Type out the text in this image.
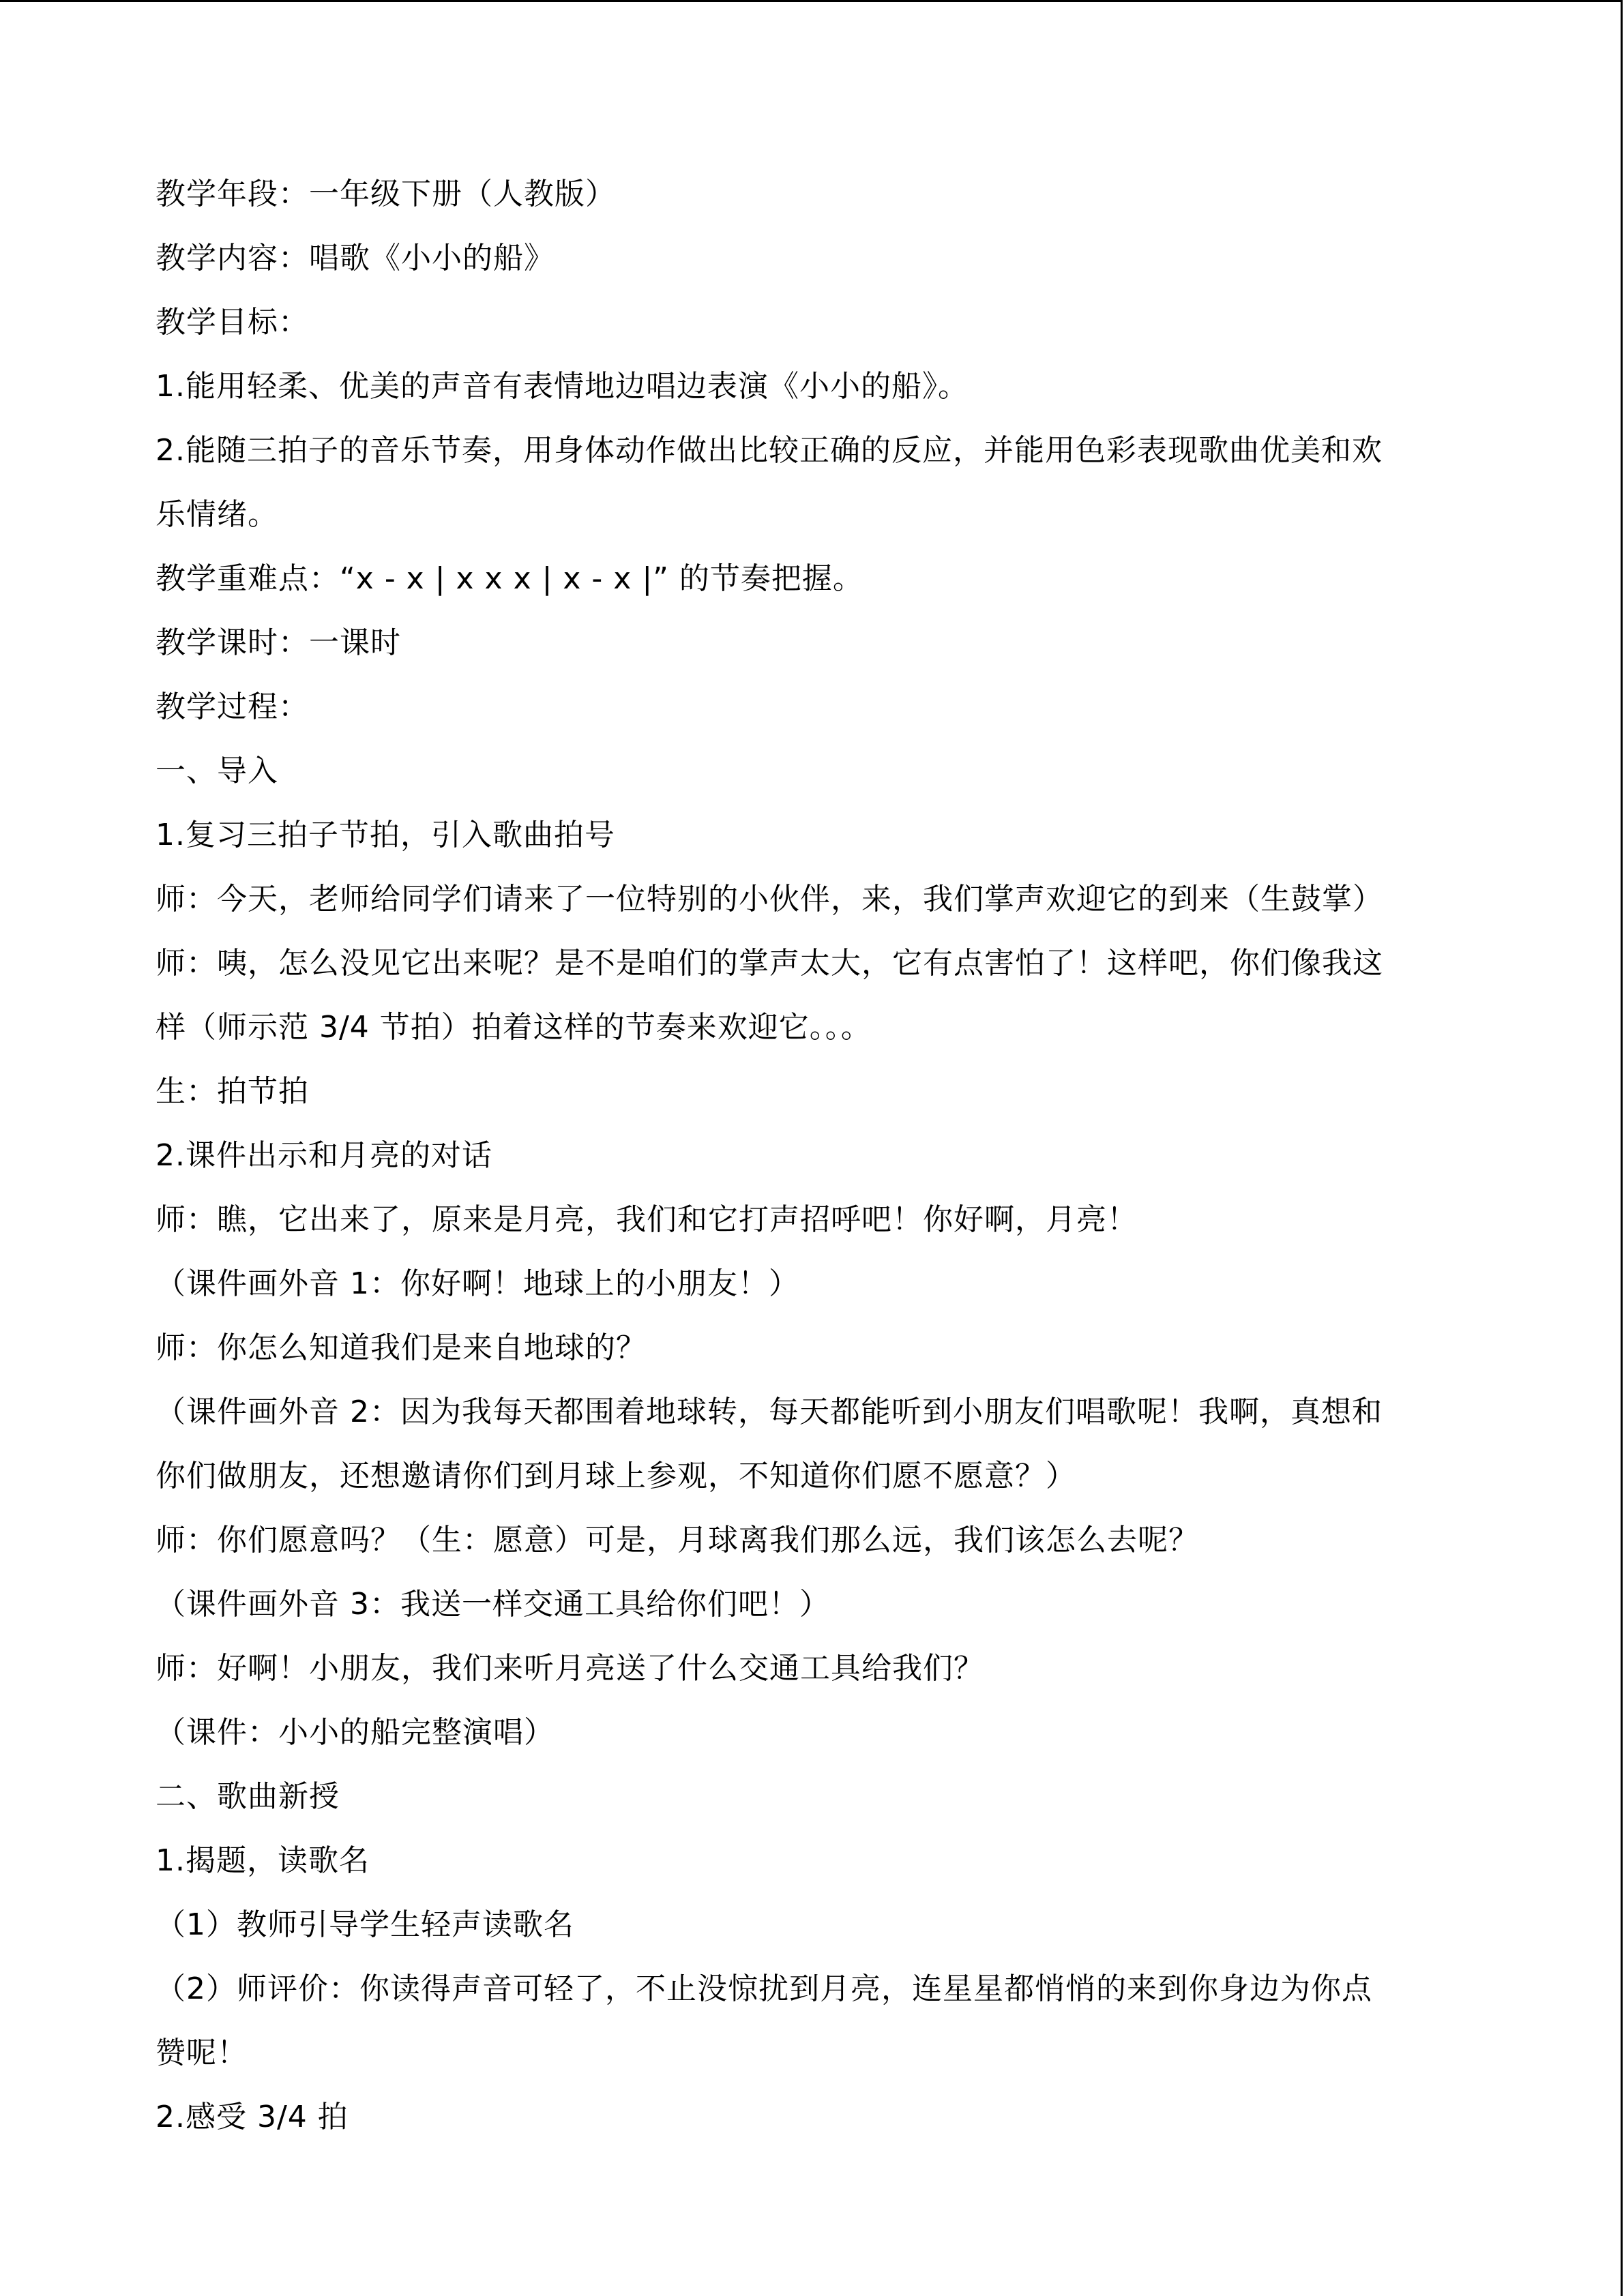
教学年段：一年级下册（人教版）
教学内容：唱歌《小小的船》
教学目标：
1.能用轻柔、优美的声音有表情地边唱边表演《小小的船》。
2.能随三拍子的音乐节奏，用身体动作做出比较正确的反应，并能用色彩表现歌曲优美和欢
乐情绪。
教学重难点：“x - x | x x x | x - x |” 的节奏把握。
教学课时：一课时
教学过程：
一、导入
1.复习三拍子节拍，引入歌曲拍号
师：今天，老师给同学们请来了一位特别的小伙伴，来，我们掌声欢迎它的到来（生鼓掌）
师：咦，怎么没见它出来呢？是不是咱们的掌声太大，它有点害怕了！这样吧，你们像我这
样（师示范 3/4 节拍）拍着这样的节奏来欢迎它。。。
生：拍节拍
2.课件出示和月亮的对话
师：瞧，它出来了，原来是月亮，我们和它打声招呼吧！你好啊，月亮！
（课件画外音 1：你好啊！地球上的小朋友！）
师：你怎么知道我们是来自地球的？
（课件画外音 2：因为我每天都围着地球转，每天都能听到小朋友们唱歌呢！我啊，真想和
你们做朋友，还想邀请你们到月球上参观，不知道你们愿不愿意？）
师：你们愿意吗？（生：愿意）可是，月球离我们那么远，我们该怎么去呢？
（课件画外音 3：我送一样交通工具给你们吧！）
师：好啊！小朋友，我们来听月亮送了什么交通工具给我们？
（课件：小小的船完整演唱）
二、歌曲新授
1.揭题，读歌名
（1）教师引导学生轻声读歌名
（2）师评价：你读得声音可轻了，不止没惊扰到月亮，连星星都悄悄的来到你身边为你点
赞呢！
2.感受 3/4 拍
